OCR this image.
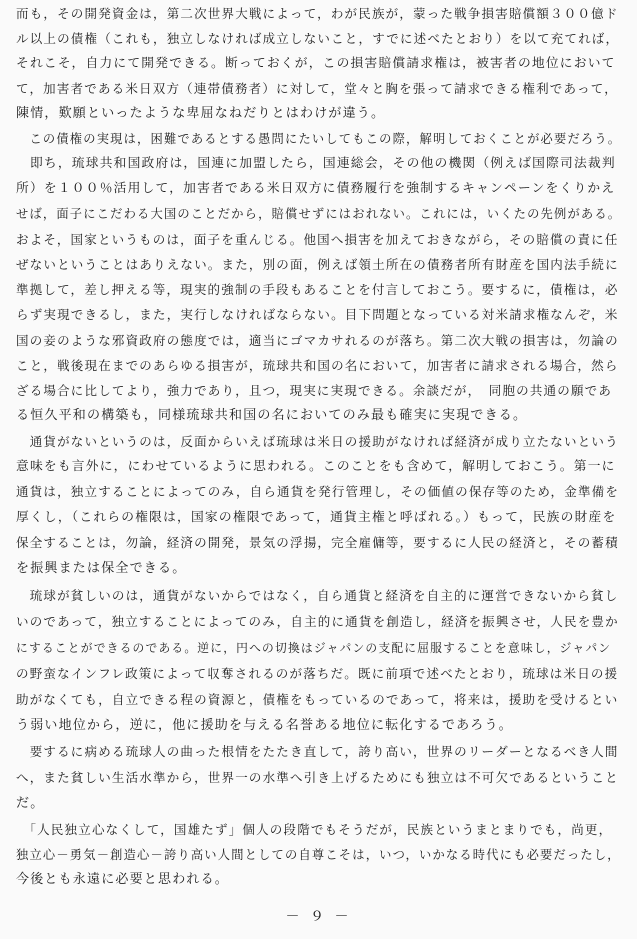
而も，その開発資金は，第二次世界大戦によって，わが民族が，蒙った戦争損害賠償額３００億ド
ル以上の債権（これも，独立しなければ成立しないこと，すでに述べたとおり）を以て充てれば，
それこそ，自力にて開発できる。断っておくが，この損害賠償請求権は，被害者の地位において
て，加害者である米日双方（連帯債務者）に対して，堂々と胸を張って請求できる権利であって，
陳情，歎願といったような卑屈なねだりとはわけが違う。
　この債権の実現は，困難であるとする愚問にたいしてもこの際，解明しておくことが必要だろう。
　即ち，琉球共和国政府は，国連に加盟したら，国連総会，その他の機関（例えば国際司法裁判
所）を１００％活用して，加害者である米日双方に債務履行を強制するキャンペーンをくりかえ
せば，面子にこだわる大国のことだから，賠償せずにはおれない。これには，いくたの先例がある。
およそ，国家というものは，面子を重んじる。他国へ損害を加えておきながら，その賠償の責に任
ぜないということはありえない。また，別の面，例えば領土所在の債務者所有財産を国内法手続に
準拠して，差し押える等，現実的強制の手段もあることを付言しておこう。要するに，債権は，必
らず実現できるし，また，実行しなければならない。目下問題となっている対米請求権なんぞ，米
国の妾のような邪資政府の態度では，適当にゴマカサれるのが落ち。第二次大戦の損害は，勿論の
こと，戦後現在までのあらゆる損害が，琉球共和国の名において，加害者に請求される場合，然ら
ざる場合に比してより，強力であり，且つ，現実に実現できる。余談だが，　同胞の共通の願であ
る恒久平和の構築も，同様琉球共和国の名においてのみ最も確実に実現できる。
　通貨がないというのは，反面からいえば琉球は米日の援助がなければ経済が成り立たないという
意味をも言外に，にわせているように思われる。このことをも含めて，解明しておこう。第一に
通貨は，独立することによってのみ，自ら通貨を発行管理し，その価値の保存等のため，金準備を
厚くし，（これらの権限は，国家の権限であって，通貨主権と呼ばれる。）もって，民族の財産を
保全することは，勿論，経済の開発，景気の浮揚，完全雇傭等，要するに人民の経済と，その蓄積
を振興または保全できる。
　琉球が貧しいのは，通貨がないからではなく，自ら通貨と経済を自主的に運営できないから貧し
いのであって，独立することによってのみ，自主的に通貨を創造し，経済を振興させ，人民を豊か
にすることができるのである。逆に，円への切換はジャパンの支配に屈服することを意味し，ジャパン
の野蛮なインフレ政策によって収奪されるのが落ちだ。既に前項で述べたとおり，琉球は米日の援
助がなくても，自立できる程の資源と，債権をもっているのであって，将来は，援助を受けるとい
う弱い地位から，逆に，他に援助を与える名誉ある地位に転化するであろう。
　要するに病める琉球人の曲った根情をたたき直して，誇り高い，世界のリーダーとなるべき人間
へ，また貧しい生活水準から，世界一の水準へ引き上げるためにも独立は不可欠であるということ
だ。
　「人民独立心なくして，国雄たず」個人の段階でもそうだが，民族というまとまりでも，尚更，
独立心－勇気－創造心－誇り高い人間としての自尊こそは，いつ，いかなる時代にも必要だったし，
今後とも永遠に必要と思われる。
－ ９ －
